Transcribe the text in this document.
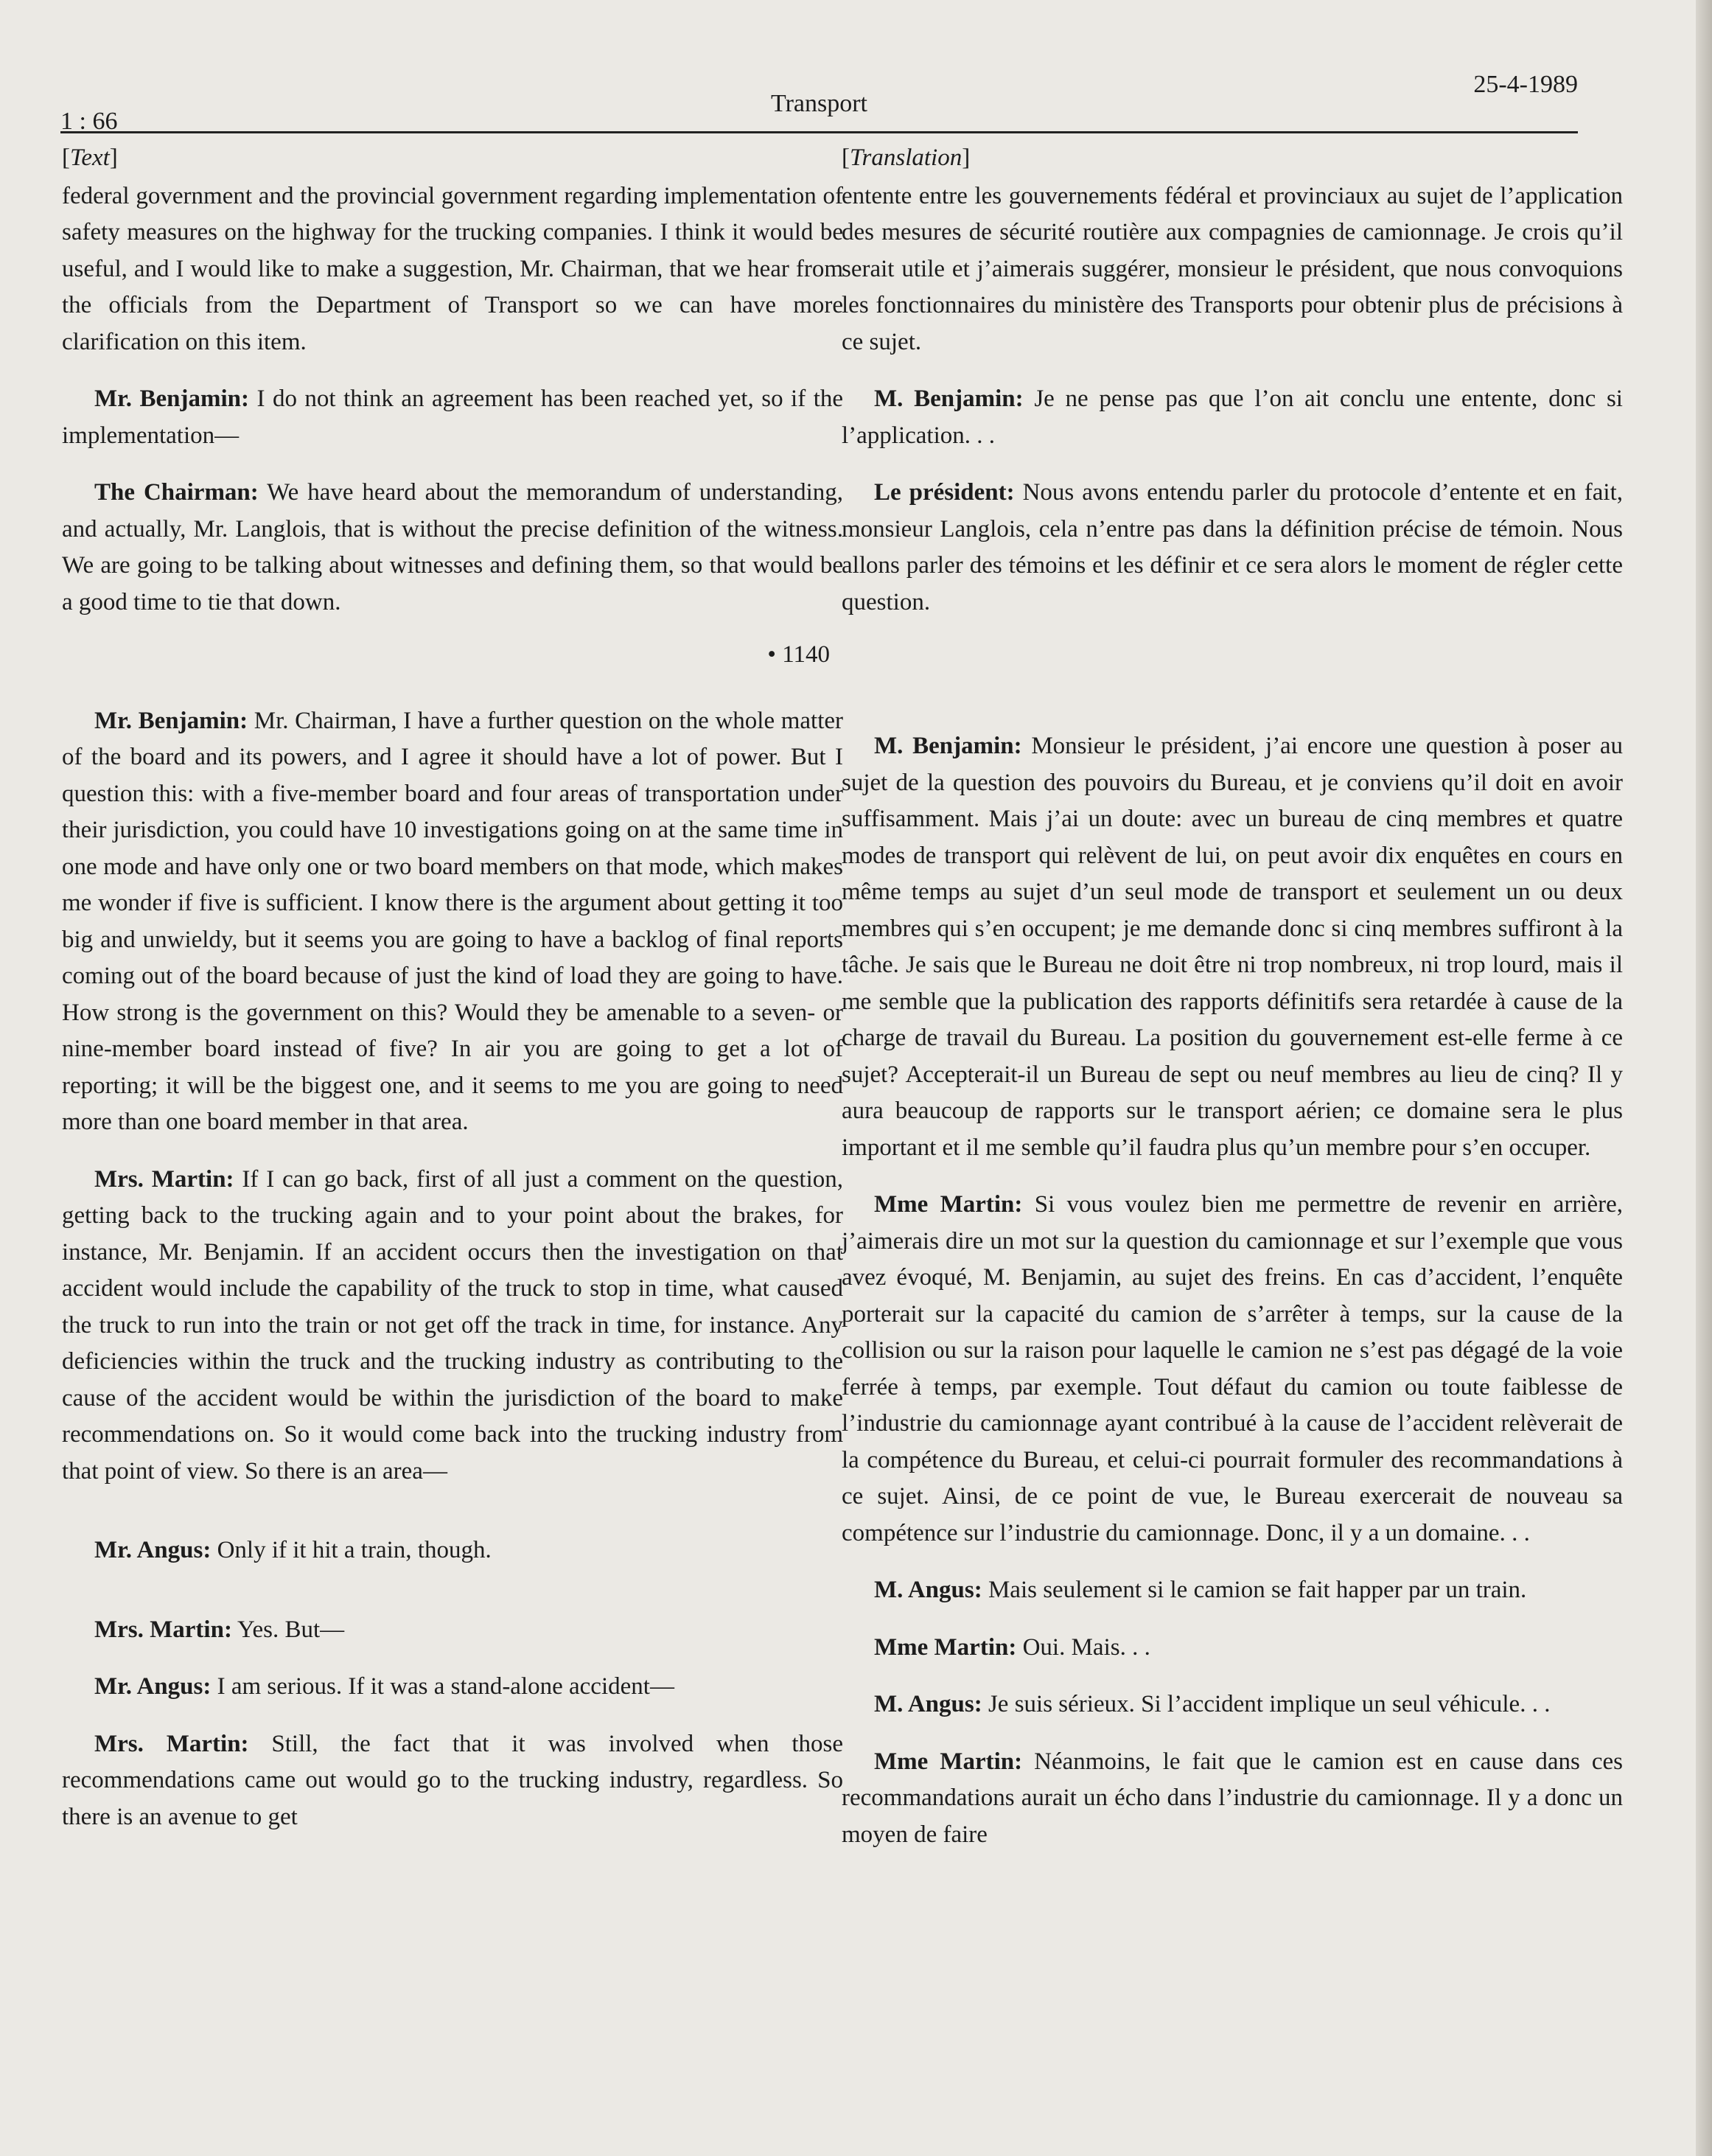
1 : 66
Transport
25-4-1989
[Text]

federal government and the provincial government regarding implementation of safety measures on the highway for the trucking companies. I think it would be useful, and I would like to make a suggestion, Mr. Chairman, that we hear from the officials from the Department of Transport so we can have more clarification on this item.

Mr. Benjamin: I do not think an agreement has been reached yet, so if the implementation—

The Chairman: We have heard about the memorandum of understanding, and actually, Mr. Langlois, that is without the precise definition of the witness. We are going to be talking about witnesses and defining them, so that would be a good time to tie that down.

• 1140

Mr. Benjamin: Mr. Chairman, I have a further question on the whole matter of the board and its powers, and I agree it should have a lot of power. But I question this: with a five-member board and four areas of transportation under their jurisdiction, you could have 10 investigations going on at the same time in one mode and have only one or two board members on that mode, which makes me wonder if five is sufficient. I know there is the argument about getting it too big and unwieldy, but it seems you are going to have a backlog of final reports coming out of the board because of just the kind of load they are going to have. How strong is the government on this? Would they be amenable to a seven- or nine-member board instead of five? In air you are going to get a lot of reporting; it will be the biggest one, and it seems to me you are going to need more than one board member in that area.

Mrs. Martin: If I can go back, first of all just a comment on the question, getting back to the trucking again and to your point about the brakes, for instance, Mr. Benjamin. If an accident occurs then the investigation on that accident would include the capability of the truck to stop in time, what caused the truck to run into the train or not get off the track in time, for instance. Any deficiencies within the truck and the trucking industry as contributing to the cause of the accident would be within the jurisdiction of the board to make recommendations on. So it would come back into the trucking industry from that point of view. So there is an area—

Mr. Angus: Only if it hit a train, though.

Mrs. Martin: Yes. But—

Mr. Angus: I am serious. If it was a stand-alone accident—

Mrs. Martin: Still, the fact that it was involved when those recommendations came out would go to the trucking industry, regardless. So there is an avenue to get

[Translation]

entente entre les gouvernements fédéral et provinciaux au sujet de l’application des mesures de sécurité routière aux compagnies de camionnage. Je crois qu’il serait utile et j’aimerais suggérer, monsieur le président, que nous convoquions les fonctionnaires du ministère des Transports pour obtenir plus de précisions à ce sujet.

M. Benjamin: Je ne pense pas que l’on ait conclu une entente, donc si l’application. . .

Le président: Nous avons entendu parler du protocole d’entente et en fait, monsieur Langlois, cela n’entre pas dans la définition précise de témoin. Nous allons parler des témoins et les définir et ce sera alors le moment de régler cette question.

M. Benjamin: Monsieur le président, j’ai encore une question à poser au sujet de la question des pouvoirs du Bureau, et je conviens qu’il doit en avoir suffisamment. Mais j’ai un doute: avec un bureau de cinq membres et quatre modes de transport qui relèvent de lui, on peut avoir dix enquêtes en cours en même temps au sujet d’un seul mode de transport et seulement un ou deux membres qui s’en occupent; je me demande donc si cinq membres suffiront à la tâche. Je sais que le Bureau ne doit être ni trop nombreux, ni trop lourd, mais il me semble que la publication des rapports définitifs sera retardée à cause de la charge de travail du Bureau. La position du gouvernement est-elle ferme à ce sujet? Accepterait-il un Bureau de sept ou neuf membres au lieu de cinq? Il y aura beaucoup de rapports sur le transport aérien; ce domaine sera le plus important et il me semble qu’il faudra plus qu’un membre pour s’en occuper.

Mme Martin: Si vous voulez bien me permettre de revenir en arrière, j’aimerais dire un mot sur la question du camionnage et sur l’exemple que vous avez évoqué, M. Benjamin, au sujet des freins. En cas d’accident, l’enquête porterait sur la capacité du camion de s’arrêter à temps, sur la cause de la collision ou sur la raison pour laquelle le camion ne s’est pas dégagé de la voie ferrée à temps, par exemple. Tout défaut du camion ou toute faiblesse de l’industrie du camionnage ayant contribué à la cause de l’accident relèverait de la compétence du Bureau, et celui-ci pourrait formuler des recommandations à ce sujet. Ainsi, de ce point de vue, le Bureau exercerait de nouveau sa compétence sur l’industrie du camionnage. Donc, il y a un domaine. . .

M. Angus: Mais seulement si le camion se fait happer par un train.

Mme Martin: Oui. Mais. . .

M. Angus: Je suis sérieux. Si l’accident implique un seul véhicule. . .

Mme Martin: Néanmoins, le fait que le camion est en cause dans ces recommandations aurait un écho dans l’industrie du camionnage. Il y a donc un moyen de faire
